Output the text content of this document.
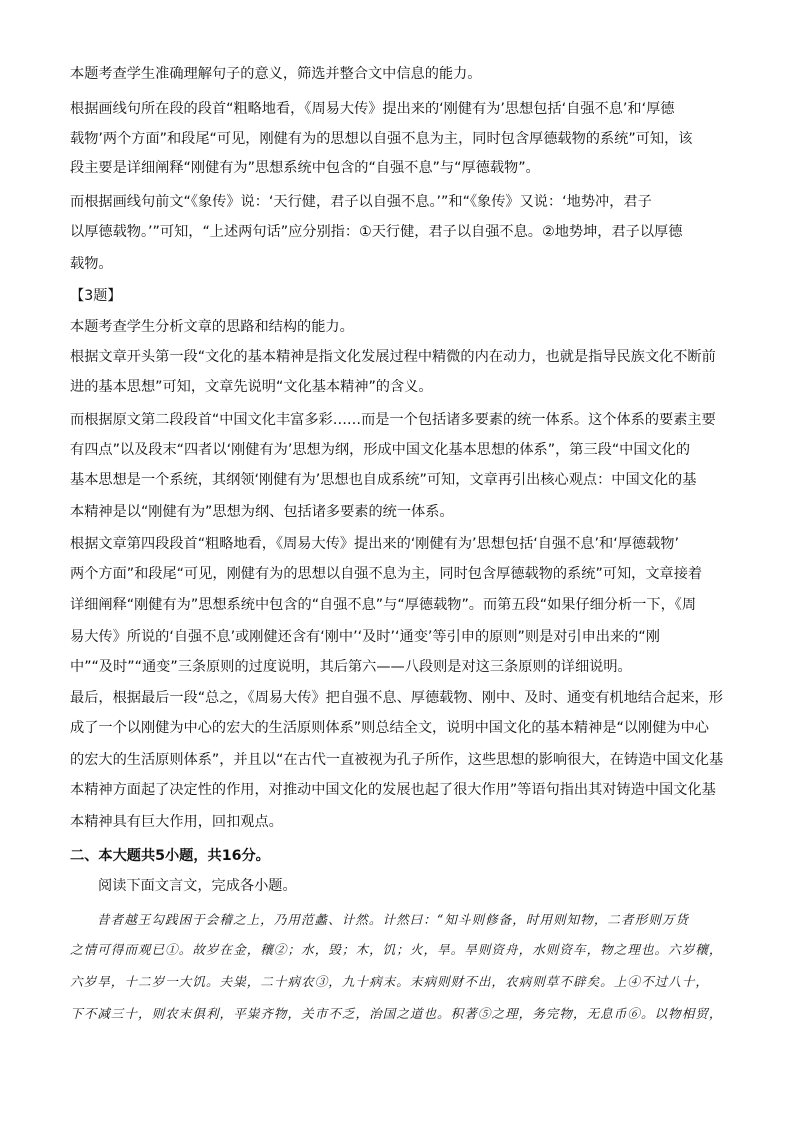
本题考查学生准确理解句子的意义，筛选并整合文中信息的能力。
根据画线句所在段的段首“粗略地看，《周易大传》提出来的‘刚健有为’思想包括‘自强不息’和‘厚德
载物’两个方面”和段尾“可见，刚健有为的思想以自强不息为主，同时包含厚德载物的系统”可知，该
段主要是详细阐释“刚健有为”思想系统中包含的“自强不息”与“厚德载物”。
而根据画线句前文“《象传》说：‘天行健，君子以自强不息。’”和“《象传》又说：‘地势冲，君子
以厚德载物。’”可知，“上述两句话”应分别指：①天行健，君子以自强不息。②地势坤，君子以厚德
载物。
【3题】
本题考查学生分析文章的思路和结构的能力。
根据文章开头第一段“文化的基本精神是指文化发展过程中精微的内在动力，也就是指导民族文化不断前
进的基本思想”可知，文章先说明“文化基本精神”的含义。
而根据原文第二段段首“中国文化丰富多彩……而是一个包括诸多要素的统一体系。这个体系的要素主要
有四点”以及段末“四者以‘刚健有为’思想为纲，形成中国文化基本思想的体系”，第三段“中国文化的
基本思想是一个系统，其纲领‘刚健有为’思想也自成系统”可知，文章再引出核心观点：中国文化的基
本精神是以“刚健有为”思想为纲、包括诸多要素的统一体系。
根据文章第四段段首“粗略地看，《周易大传》提出来的‘刚健有为’思想包括‘自强不息’和‘厚德载物’
两个方面”和段尾“可见，刚健有为的思想以自强不息为主，同时包含厚德载物的系统”可知，文章接着
详细阐释“刚健有为”思想系统中包含的“自强不息”与“厚德载物”。而第五段“如果仔细分析一下，《周
易大传》所说的‘自强不息’或刚健还含有‘刚中’‘及时’‘通变’等引申的原则”则是对引申出来的“刚
中”“及时”“通变”三条原则的过度说明，其后第六——八段则是对这三条原则的详细说明。
最后，根据最后一段“总之，《周易大传》把自强不息、厚德载物、刚中、及时、通变有机地结合起来，形
成了一个以刚健为中心的宏大的生活原则体系”则总结全文，说明中国文化的基本精神是“以刚健为中心
的宏大的生活原则体系”，并且以“在古代一直被视为孔子所作，这些思想的影响很大，在铸造中国文化基
本精神方面起了决定性的作用，对推动中国文化的发展也起了很大作用”等语句指出其对铸造中国文化基
本精神具有巨大作用，回扣观点。
二、本大题共5小题，共16分。
阅读下面文言文，完成各小题。
昔者越王勾践困于会稽之上，乃用范蠡、计然。计然曰：“知斗则修备，时用则知物，二者形则万货
之情可得而观已①。故岁在金，穰②；水，毁；木，饥；火，旱。旱则资舟，水则资车，物之理也。六岁穰，
六岁旱，十二岁一大饥。夫粜，二十病农③，九十病末。末病则财不出，农病则草不辟矣。上④不过八十，
下不减三十，则农末俱利，平粜齐物，关市不乏，治国之道也。积著⑤之理，务完物，无息币⑥。以物相贸，
